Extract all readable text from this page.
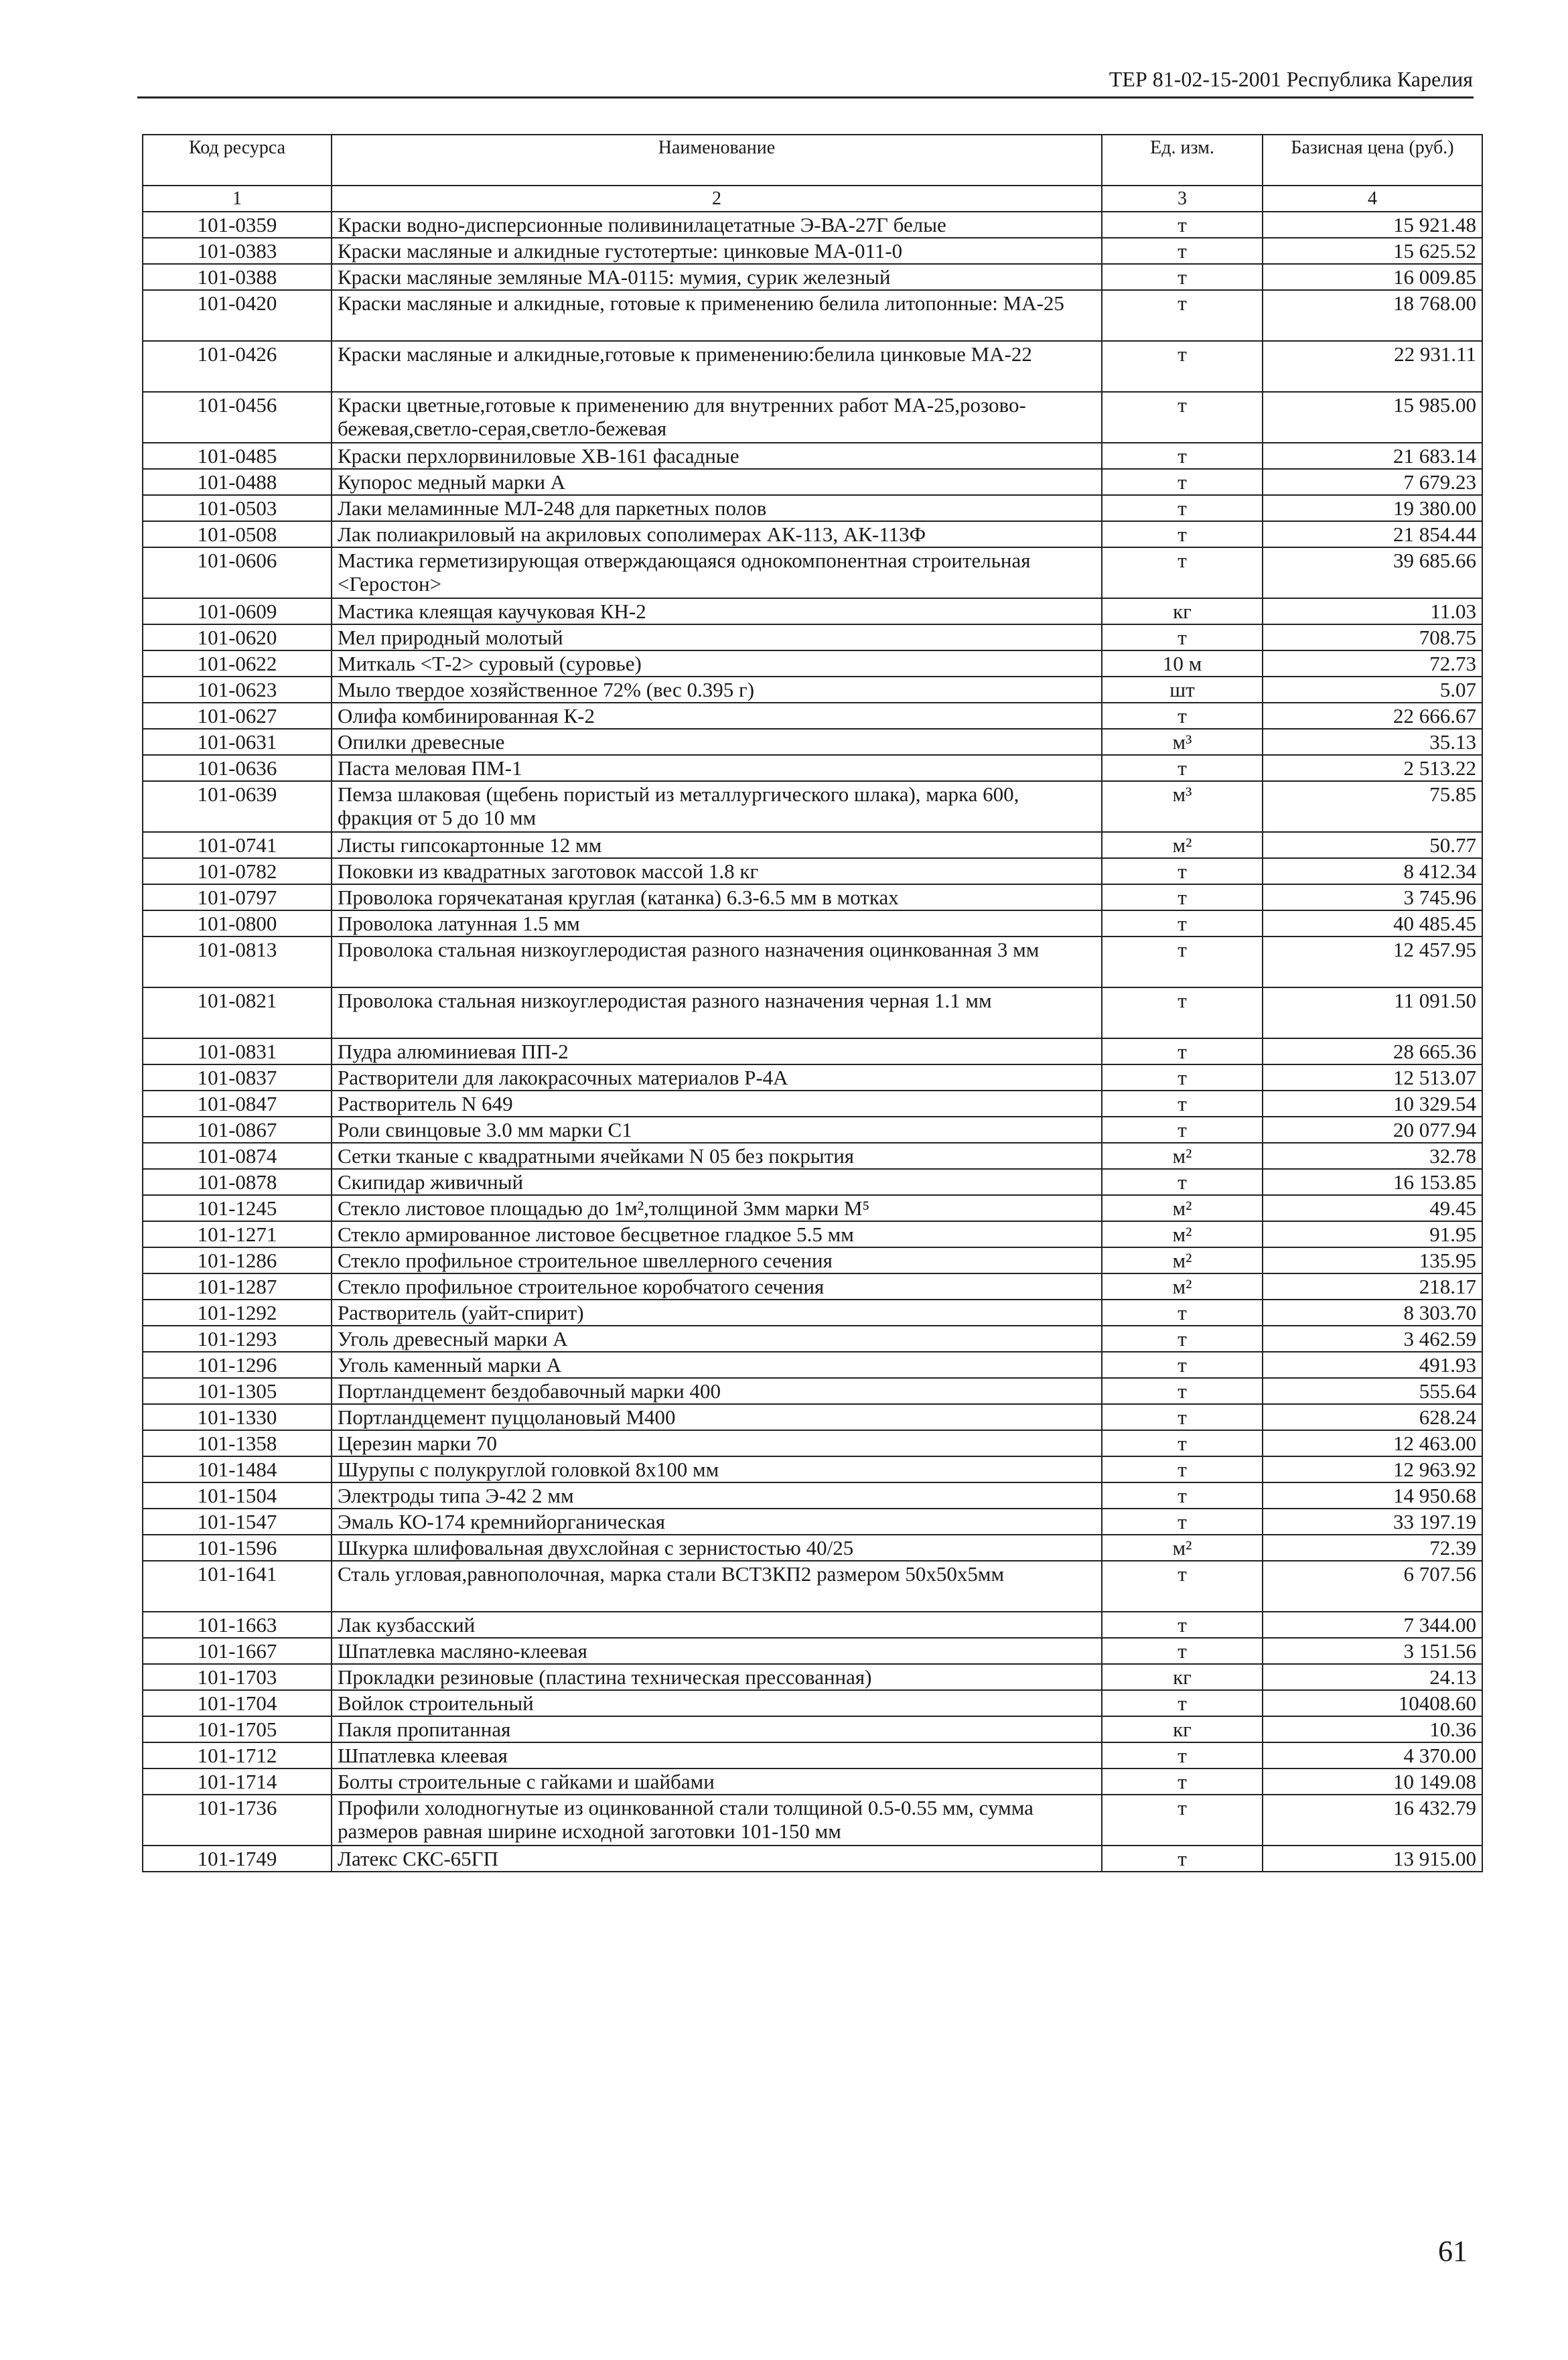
ТЕР 81-02-15-2001 Республика Карелия
Код ресурса	Наименование	Ед. изм.	Базисная цена (руб.)
1	2	3	4
101-0359	Краски водно-дисперсионные поливинилацетатные Э-ВА-27Г белые	т	15 921.48
101-0383	Краски масляные и алкидные густотертые: цинковые МА-011-0	т	15 625.52
101-0388	Краски масляные земляные МА-0115: мумия, сурик железный	т	16 009.85
101-0420	Краски масляные и алкидные, готовые к применению белила литопонные: МА-25	т	18 768.00
101-0426	Краски масляные и алкидные,готовые к применению:белила цинковые МА-22	т	22 931.11
101-0456	Краски цветные,готовые к применению для внутренних работ МА-25,розово-бежевая,светло-серая,светло-бежевая	т	15 985.00
101-0485	Краски перхлорвиниловые ХВ-161 фасадные	т	21 683.14
101-0488	Купорос медный марки А	т	7 679.23
101-0503	Лаки меламинные МЛ-248 для паркетных полов	т	19 380.00
101-0508	Лак полиакриловый на акриловых сополимерах АК-113, АК-113Ф	т	21 854.44
101-0606	Мастика герметизирующая отверждающаяся однокомпонентная строительная <Геростон>	т	39 685.66
101-0609	Мастика клеящая каучуковая КН-2	кг	11.03
101-0620	Мел природный молотый	т	708.75
101-0622	Миткаль <Т-2> суровый (суровье)	10 м	72.73
101-0623	Мыло твердое хозяйственное 72% (вес 0.395 г)	шт	5.07
101-0627	Олифа комбинированная К-2	т	22 666.67
101-0631	Опилки древесные	м³	35.13
101-0636	Паста меловая ПМ-1	т	2 513.22
101-0639	Пемза шлаковая (щебень пористый из металлургического шлака), марка 600, фракция от 5 до 10 мм	м³	75.85
101-0741	Листы гипсокартонные 12 мм	м²	50.77
101-0782	Поковки из квадратных заготовок массой 1.8 кг	т	8 412.34
101-0797	Проволока горячекатаная круглая (катанка) 6.3-6.5 мм в мотках	т	3 745.96
101-0800	Проволока латунная 1.5 мм	т	40 485.45
101-0813	Проволока стальная низкоуглеродистая разного назначения оцинкованная 3 мм	т	12 457.95
101-0821	Проволока стальная низкоуглеродистая разного назначения черная 1.1 мм	т	11 091.50
101-0831	Пудра алюминиевая ПП-2	т	28 665.36
101-0837	Растворители для лакокрасочных материалов Р-4А	т	12 513.07
101-0847	Растворитель N 649	т	10 329.54
101-0867	Роли свинцовые 3.0 мм марки С1	т	20 077.94
101-0874	Сетки тканые с квадратными ячейками N 05 без покрытия	м²	32.78
101-0878	Скипидар живичный	т	16 153.85
101-1245	Стекло листовое площадью до 1м²,толщиной 3мм марки М⁵	м²	49.45
101-1271	Стекло армированное листовое бесцветное гладкое 5.5 мм	м²	91.95
101-1286	Стекло профильное строительное швеллерного сечения	м²	135.95
101-1287	Стекло профильное строительное коробчатого сечения	м²	218.17
101-1292	Растворитель (уайт-спирит)	т	8 303.70
101-1293	Уголь древесный марки А	т	3 462.59
101-1296	Уголь каменный марки А	т	491.93
101-1305	Портландцемент бездобавочный марки 400	т	555.64
101-1330	Портландцемент пуццолановый М400	т	628.24
101-1358	Церезин марки 70	т	12 463.00
101-1484	Шурупы с полукруглой головкой 8х100 мм	т	12 963.92
101-1504	Электроды типа Э-42 2 мм	т	14 950.68
101-1547	Эмаль КО-174 кремнийорганическая	т	33 197.19
101-1596	Шкурка шлифовальная двухслойная с зернистостью 40/25	м²	72.39
101-1641	Сталь угловая,равнополочная, марка стали ВСТ3КП2 размером 50х50х5мм	т	6 707.56
101-1663	Лак кузбасский	т	7 344.00
101-1667	Шпатлевка масляно-клеевая	т	3 151.56
101-1703	Прокладки резиновые (пластина техническая прессованная)	кг	24.13
101-1704	Войлок строительный	т	10408.60
101-1705	Пакля пропитанная	кг	10.36
101-1712	Шпатлевка клеевая	т	4 370.00
101-1714	Болты строительные с гайками и шайбами	т	10 149.08
101-1736	Профили холодногнутые из оцинкованной стали толщиной 0.5-0.55 мм, сумма размеров равная ширине исходной заготовки 101-150 мм	т	16 432.79
101-1749	Латекс СКС-65ГП	т	13 915.00
61
